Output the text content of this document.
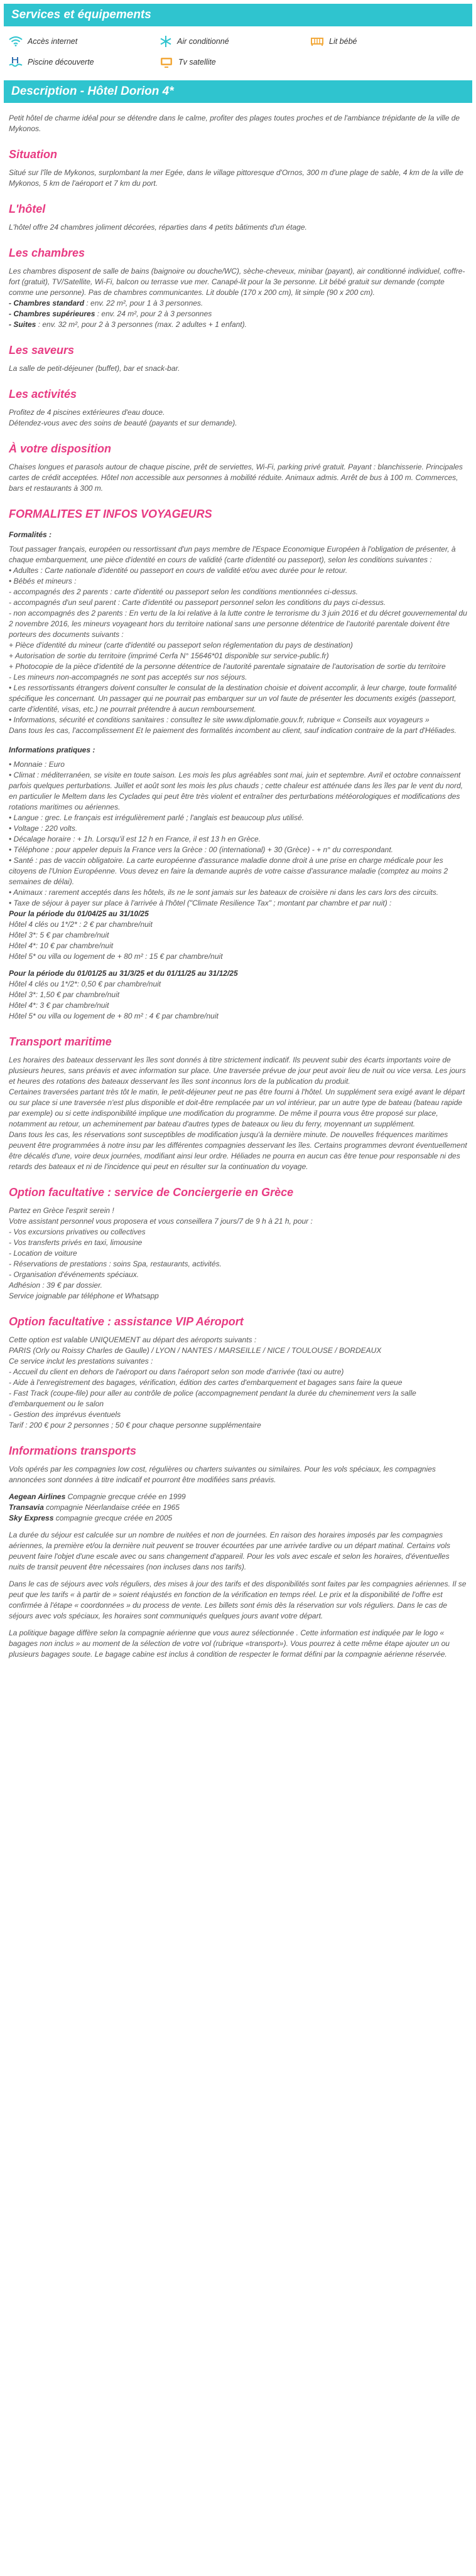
Services et équipements
Accès internet	Air conditionné	Lit bébé
Piscine découverte	Tv satellite
Description - Hôtel Dorion 4*

Petit hôtel de charme idéal pour se détendre dans le calme, profiter des plages toutes proches et de l'ambiance trépidante de la ville de Mykonos.

Situation

Situé sur l'île de Mykonos, surplombant la mer Egée, dans le village pittoresque d'Ornos, 300 m d'une plage de sable, 4 km de la ville de Mykonos, 5 km de l'aéroport et 7 km du port.

L'hôtel

L'hôtel offre 24 chambres joliment décorées, réparties dans 4 petits bâtiments d'un étage.

Les chambres

Les chambres disposent de salle de bains (baignoire ou douche/WC), sèche-cheveux, minibar (payant), air conditionné individuel, coffre-fort (gratuit), TV/Satellite, Wi-Fi, balcon ou terrasse vue mer. Canapé-lit pour la 3e personne. Lit bébé gratuit sur demande (compte comme une personne). Pas de chambres communicantes. Lit double (170 x 200 cm), lit simple (90 x 200 cm).

- Chambres standard : env. 22 m², pour 1 à 3 personnes.

- Chambres supérieures : env. 24 m², pour 2 à 3 personnes

- Suites : env. 32 m², pour 2 à 3 personnes (max. 2 adultes + 1 enfant).

Les saveurs

La salle de petit-déjeuner (buffet), bar et snack-bar.

Les activités

Profitez de 4 piscines extérieures d'eau douce.

Détendez-vous avec des soins de beauté (payants et sur demande).

À votre disposition

Chaises longues et parasols autour de chaque piscine, prêt de serviettes, Wi-Fi, parking privé gratuit. Payant : blanchisserie. Principales cartes de crédit acceptées. Hôtel non accessible aux personnes à mobilité réduite. Animaux admis. Arrêt de bus à 100 m. Commerces, bars et restaurants à 300 m.

FORMALITES ET INFOS VOYAGEURS
Formalités :

Tout passager français, européen ou ressortissant d'un pays membre de l'Espace Economique Européen à l'obligation de présenter, à chaque embarquement, une pièce d'identité en cours de validité (carte d'identité ou passeport), selon les conditions suivantes :

• Adultes : Carte nationale d'identité ou passeport en cours de validité et/ou avec durée pour le retour.

• Bébés et mineurs :

- accompagnés des 2 parents : carte d'identité ou passeport selon les conditions mentionnées ci-dessus.

- accompagnés d'un seul parent : Carte d'identité ou passeport personnel selon les conditions du pays ci-dessus.

- non accompagnés des 2 parents : En vertu de la loi relative à la lutte contre le terrorisme du 3 juin 2016 et du décret gouvernemental du 2 novembre 2016, les mineurs voyageant hors du territoire national sans une personne détentrice de l'autorité parentale doivent être porteurs des documents suivants :

+ Pièce d'identité du mineur (carte d'identité ou passeport selon réglementation du pays de destination)

+ Autorisation de sortie du territoire (imprimé Cerfa N° 15646*01 disponible sur service-public.fr)

+ Photocopie de la pièce d'identité de la personne détentrice de l'autorité parentale signataire de l'autorisation de sortie du territoire

- Les mineurs non-accompagnés ne sont pas acceptés sur nos séjours.

• Les ressortissants étrangers doivent consulter le consulat de la destination choisie et doivent accomplir, à leur charge, toute formalité spécifique les concernant. Un passager qui ne pourrait pas embarquer sur un vol faute de présenter les documents exigés (passeport, carte d'identité, visas, etc.) ne pourrait prétendre à aucun remboursement.

• Informations, sécurité et conditions sanitaires : consultez le site www.diplomatie.gouv.fr, rubrique « Conseils aux voyageurs »

Dans tous les cas, l'accomplissement Et le paiement des formalités incombent au client, sauf indication contraire de la part d'Héliades.

Informations pratiques :

• Monnaie : Euro

• Climat : méditerranéen, se visite en toute saison. Les mois les plus agréables sont mai, juin et septembre. Avril et octobre connaissent parfois quelques perturbations. Juillet et août sont les mois les plus chauds ; cette chaleur est atténuée dans les îles par le vent du nord, en particulier le Meltem dans les Cyclades qui peut être très violent et entraîner des perturbations météorologiques et modifications des rotations maritimes ou aériennes.

• Langue : grec. Le français est irrégulièrement parlé ; l'anglais est beaucoup plus utilisé.

• Voltage : 220 volts.

• Décalage horaire : + 1h. Lorsqu'il est 12 h en France, il est 13 h en Grèce.

• Téléphone : pour appeler depuis la France vers la Grèce : 00 (international) + 30 (Grèce) - + n° du correspondant.

• Santé : pas de vaccin obligatoire. La carte européenne d'assurance maladie donne droit à une prise en charge médicale pour les citoyens de l'Union Européenne. Vous devez en faire la demande auprès de votre caisse d'assurance maladie (comptez au moins 2 semaines de délai).

• Animaux : rarement acceptés dans les hôtels, ils ne le sont jamais sur les bateaux de croisière ni dans les cars lors des circuits.

• Taxe de séjour à payer sur place à l'arrivée à l'hôtel ("Climate Resilience Tax" ; montant par chambre et par nuit) :

Pour la période du 01/04/25 au 31/10/25

Hôtel 4 clés ou 1*/2* : 2 € par chambre/nuit

Hôtel 3*: 5 € par chambre/nuit

Hôtel 4*: 10 € par chambre/nuit

Hôtel 5* ou villa ou logement de + 80 m² : 15 € par chambre/nuit

Pour la période du 01/01/25 au 31/3/25 et du 01/11/25 au 31/12/25

Hôtel 4 clés ou 1*/2*: 0,50 € par chambre/nuit

Hôtel 3*: 1,50 € par chambre/nuit

Hôtel 4*: 3 € par chambre/nuit

Hôtel 5* ou villa ou logement de + 80 m² : 4 € par chambre/nuit

Transport maritime

Les horaires des bateaux desservant les îles sont donnés à titre strictement indicatif. Ils peuvent subir des écarts importants voire de plusieurs heures, sans préavis et avec information sur place. Une traversée prévue de jour peut avoir lieu de nuit ou vice versa. Les jours et heures des rotations des bateaux desservant les îles sont inconnus lors de la publication du produit.

Certaines traversées partant très tôt le matin, le petit-déjeuner peut ne pas être fourni à l'hôtel. Un supplément sera exigé avant le départ ou sur place si une traversée n'est plus disponible et doit-être remplacée par un vol intérieur, par un autre type de bateau (bateau rapide par exemple) ou si cette indisponibilité implique une modification du programme. De même il pourra vous être proposé sur place, notamment au retour, un acheminement par bateau d'autres types de bateaux ou lieu du ferry, moyennant un supplément.

Dans tous les cas, les réservations sont susceptibles de modification jusqu'à la dernière minute. De nouvelles fréquences maritimes peuvent être programmées à notre insu par les différentes compagnies desservant les îles. Certains programmes devront éventuellement être décalés d'une, voire deux journées, modifiant ainsi leur ordre. Héliades ne pourra en aucun cas être tenue pour responsable ni des retards des bateaux et ni de l'incidence qui peut en résulter sur la continuation du voyage.

Option facultative : service de Conciergerie en Grèce

Partez en Grèce l'esprit serein !

Votre assistant personnel vous proposera et vous conseillera 7 jours/7 de 9 h à 21 h, pour :

- Vos excursions privatives ou collectives

- Vos transferts privés en taxi, limousine

- Location de voiture

- Réservations de prestations : soins Spa, restaurants, activités.

- Organisation d'événements spéciaux.

Adhésion : 39 € par dossier.

Service joignable par téléphone et Whatsapp

Option facultative : assistance VIP Aéroport

Cette option est valable UNIQUEMENT au départ des aéroports suivants :

PARIS (Orly ou Roissy Charles de Gaulle) / LYON / NANTES / MARSEILLE / NICE / TOULOUSE / BORDEAUX

Ce service inclut les prestations suivantes :

- Accueil du client en dehors de l'aéroport ou dans l'aéroport selon son mode d'arrivée (taxi ou autre)

- Aide à l'enregistrement des bagages, vérification, édition des cartes d'embarquement et bagages sans faire la queue

- Fast Track (coupe-file) pour aller au contrôle de police (accompagnement pendant la durée du cheminement vers la salle d'embarquement ou le salon

- Gestion des imprévus éventuels

Tarif : 200 € pour 2 personnes ; 50 € pour chaque personne supplémentaire

Informations transports

Vols opérés par les compagnies low cost, régulières ou charters suivantes ou similaires. Pour les vols spéciaux, les compagnies annoncées sont données à titre indicatif et pourront être modifiées sans préavis.

Aegean Airlines Compagnie grecque créée en 1999

Transavia compagnie Néerlandaise créée en 1965

Sky Express compagnie grecque créée en 2005

La durée du séjour est calculée sur un nombre de nuitées et non de journées. En raison des horaires imposés par les compagnies aériennes, la première et/ou la dernière nuit peuvent se trouver écourtées par une arrivée tardive ou un départ matinal. Certains vols peuvent faire l'objet d'une escale avec ou sans changement d'appareil. Pour les vols avec escale et selon les horaires, d'éventuelles nuits de transit peuvent être nécessaires (non incluses dans nos tarifs).

Dans le cas de séjours avec vols réguliers, des mises à jour des tarifs et des disponibilités sont faites par les compagnies aériennes. Il se peut que les tarifs « à partir de » soient réajustés en fonction de la vérification en temps réel. Le prix et la disponibilité de l'offre est confirmée à l'étape « coordonnées » du process de vente. Les billets sont émis dès la réservation sur vols réguliers. Dans le cas de séjours avec vols spéciaux, les horaires sont communiqués quelques jours avant votre départ.

La politique bagage diffère selon la compagnie aérienne que vous aurez sélectionnée . Cette information est indiquée par le logo « bagages non inclus » au moment de la sélection de votre vol (rubrique «transport»). Vous pourrez à cette même étape ajouter un ou plusieurs bagages soute. Le bagage cabine est inclus à condition de respecter le format défini par la compagnie aérienne réservée.
